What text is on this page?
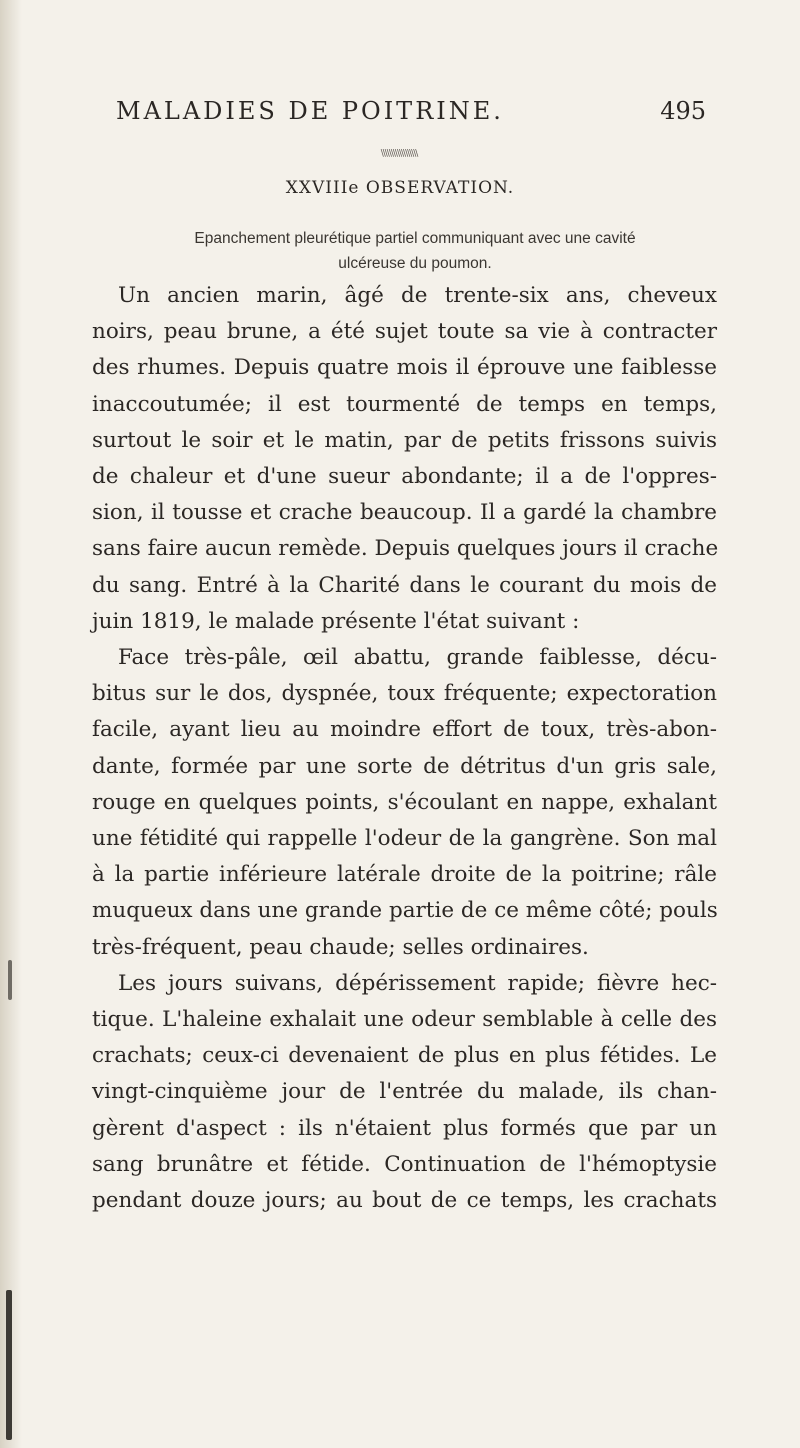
MALADIES DE POITRINE.	495
\\\\\\\\\\\\\\\\\\
XXVIIIe OBSERVATION.
Epanchement pleurétique partiel communiquant avec une cavité
ulcéreuse du poumon.
Un ancien marin, âgé de trente-six ans, cheveux
noirs, peau brune, a été sujet toute sa vie à contracter
des rhumes. Depuis quatre mois il éprouve une faiblesse
inaccoutumée; il est tourmenté de temps en temps,
surtout le soir et le matin, par de petits frissons suivis
de chaleur et d'une sueur abondante; il a de l'oppres-
sion, il tousse et crache beaucoup. Il a gardé la chambre
sans faire aucun remède. Depuis quelques jours il crache
du sang. Entré à la Charité dans le courant du mois de
juin 1819, le malade présente l'état suivant :
Face très-pâle, œil abattu, grande faiblesse, décu-
bitus sur le dos, dyspnée, toux fréquente; expectoration
facile, ayant lieu au moindre effort de toux, très-abon-
dante, formée par une sorte de détritus d'un gris sale,
rouge en quelques points, s'écoulant en nappe, exhalant
une fétidité qui rappelle l'odeur de la gangrène. Son mal
à la partie inférieure latérale droite de la poitrine; râle
muqueux dans une grande partie de ce même côté; pouls
très-fréquent, peau chaude; selles ordinaires.
Les jours suivans, dépérissement rapide; fièvre hec-
tique. L'haleine exhalait une odeur semblable à celle des
crachats; ceux-ci devenaient de plus en plus fétides. Le
vingt-cinquième jour de l'entrée du malade, ils chan-
gèrent d'aspect : ils n'étaient plus formés que par un
sang brunâtre et fétide. Continuation de l'hémoptysie
pendant douze jours; au bout de ce temps, les crachats
